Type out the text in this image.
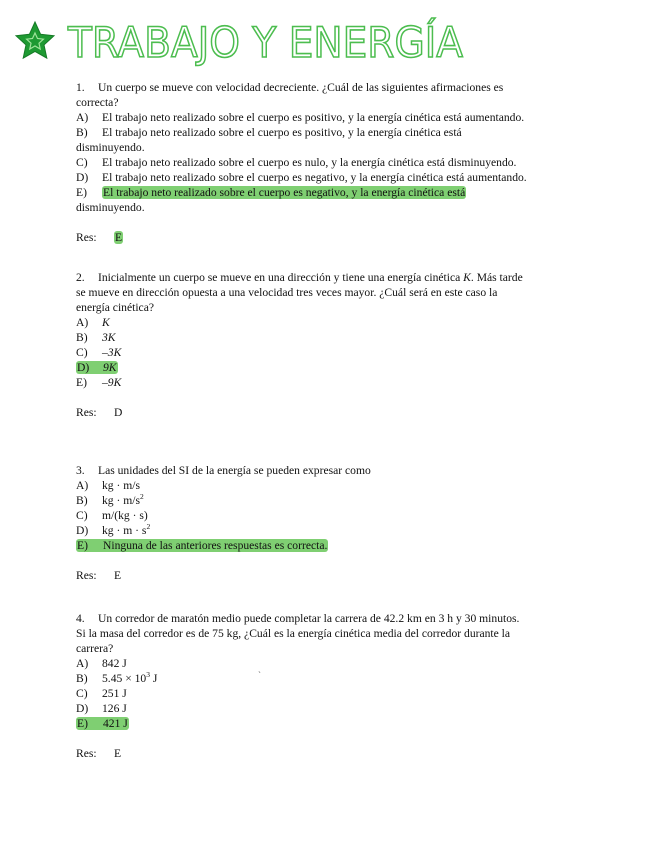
TRABAJO Y ENERGÍA

1. Un cuerpo se mueve con velocidad decreciente. ¿Cuál de las siguientes afirmaciones es

correcta?

A) El trabajo neto realizado sobre el cuerpo es positivo, y la energía cinética está aumentando.

B) El trabajo neto realizado sobre el cuerpo es positivo, y la energía cinética está

disminuyendo.

C) El trabajo neto realizado sobre el cuerpo es nulo, y la energía cinética está disminuyendo.

D) El trabajo neto realizado sobre el cuerpo es negativo, y la energía cinética está aumentando.

E) El trabajo neto realizado sobre el cuerpo es negativo, y la energía cinética está

disminuyendo.

Res: E

2. Inicialmente un cuerpo se mueve en una dirección y tiene una energía cinética K. Más tarde

se mueve en dirección opuesta a una velocidad tres veces mayor. ¿Cuál será en este caso la

energía cinética?

A) K

B) 3K

C) –3K

D) 9K

E) –9K

Res: D

3. Las unidades del SI de la energía se pueden expresar como

A) kg · m/s

B) kg · $m/s^2$

C) m/(kg · s)

D) kg · $m \cdot s^2$

E) Ninguna de las anteriores respuestas es correcta.

Res: E

4. Un corredor de maratón medio puede completar la carrera de 42.2 km en 3 h y 30 minutos.

Si la masa del corredor es de 75 kg, ¿Cuál es la energía cinética media del corredor durante la

carrera?

A) 842 J

B) $5.45 \times 10^3$ J

C) 251 J

D) 126 J

E) 421 J

Res: E

`
